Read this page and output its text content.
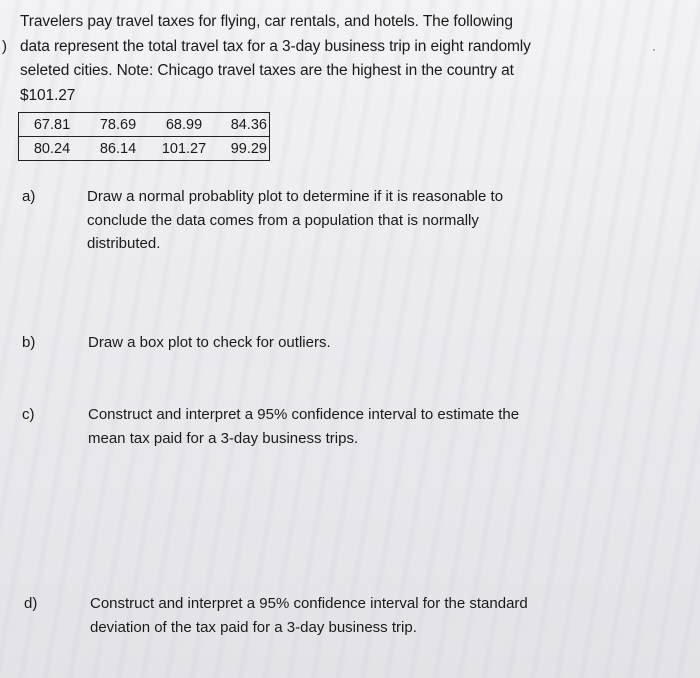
)	·

Travelers pay travel taxes for flying, car rentals, and hotels. The following

data represent the total travel tax for a 3-day business trip in eight randomly

seleted cities. Note: Chicago travel taxes are the highest in the country at

$101.27

67.81	78.69	68.99	84.36
80.24	86.14	101.27	99.29
a)	Draw a normal probablity plot to determine if it is reasonable to
conclude the data comes from a population that is normally
distributed.
b)	Draw a box plot to check for outliers.
c)	Construct and interpret a 95% confidence interval to estimate the
mean tax paid for a 3-day business trips.
d)	Construct and interpret a 95% confidence interval for the standard
deviation of the tax paid for a 3-day business trip.
